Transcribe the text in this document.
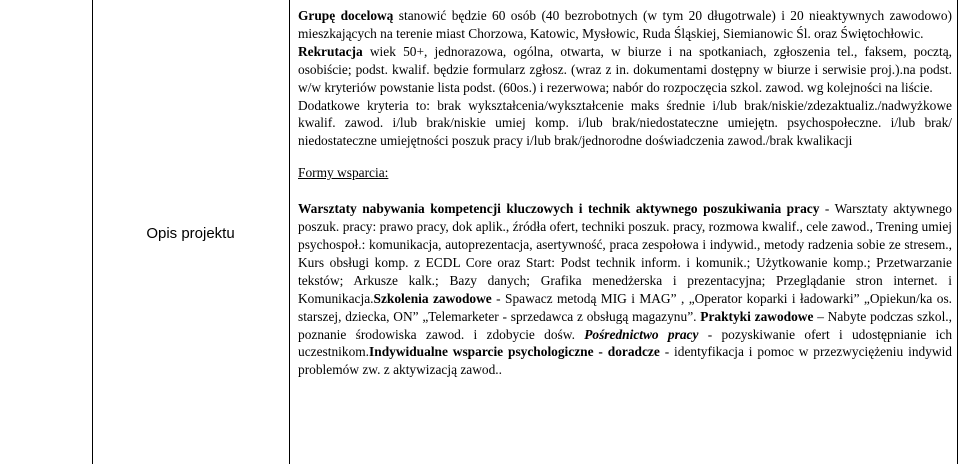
Opis projektu

Grupę docelową stanowić będzie 60 osób (40 bezrobotnych (w tym 20 długotrwale) i 20 nieaktywnych zawodowo) mieszkających na terenie miast Chorzowa, Katowic, Mysłowic, Ruda Śląskiej, Siemianowic Śl. oraz Świętochłowic.

Rekrutacja wiek 50+, jednorazowa, ogólna, otwarta, w biurze i na spotkaniach, zgłoszenia tel., faksem, pocztą, osobiście; podst. kwalif. będzie formularz zgłosz. (wraz z in. dokumentami dostępny w biurze i serwisie proj.).na podst. w/w kryteriów powstanie lista podst. (60os.) i rezerwowa; nabór do rozpoczęcia szkol. zawod. wg kolejności na liście.

Dodatkowe kryteria to: brak wykształcenia/wykształcenie maks średnie i/lub brak/niskie/zdezaktualiz./nadwyżkowe kwalif. zawod. i/lub brak/niskie umiej komp. i/lub brak/niedostateczne umiejętn. psychospołeczne. i/lub brak/ niedostateczne umiejętności poszuk pracy i/lub brak/jednorodne doświadczenia zawod./brak kwalikacji

Formy wsparcia:

Warsztaty nabywania kompetencji kluczowych i technik aktywnego poszukiwania pracy - Warsztaty aktywnego poszuk. pracy: prawo pracy, dok aplik., źródła ofert, techniki poszuk. pracy, rozmowa kwalif., cele zawod., Trening umiej psychospoł.: komunikacja, autoprezentacja, asertywność, praca zespołowa i indywid., metody radzenia sobie ze stresem., Kurs obsługi komp. z ECDL Core oraz Start: Podst technik inform. i komunik.; Użytkowanie komp.; Przetwarzanie tekstów; Arkusze kalk.; Bazy danych; Grafika menedżerska i prezentacyjna; Przeglądanie stron internet. i Komunikacja.Szkolenia zawodowe - Spawacz metodą MIG i MAG” , „Operator koparki i ładowarki” „Opiekun/ka os. starszej, dziecka, ON” „Telemarketer - sprzedawca z obsługą magazynu”. Praktyki zawodowe – Nabyte podczas szkol., poznanie środowiska zawod. i zdobycie dośw. Pośrednictwo pracy - pozyskiwanie ofert i udostępnianie ich uczestnikom.Indywidualne wsparcie psychologiczne - doradcze - identyfikacja i pomoc w przezwyciężeniu indywid problemów zw. z aktywizacją zawod..
